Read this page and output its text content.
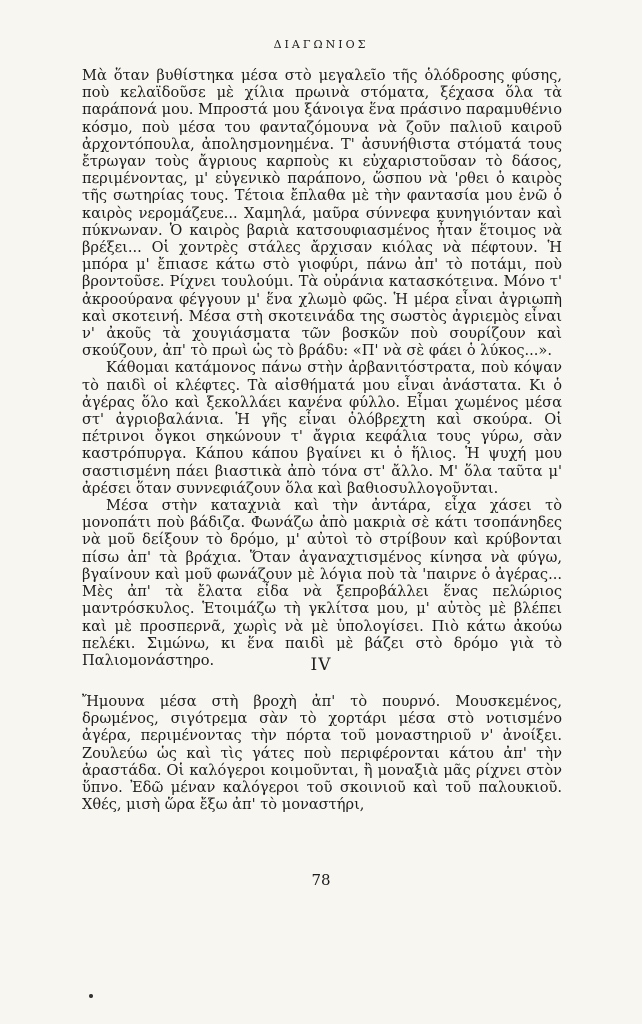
ΔΙΑΓΩΝΙΟΣ

Μὰ ὅταν βυθίστηκα μέσα στὸ μεγαλεῖο τῆς ὁλόδροσης φύσης, ποὺ κελαϊδοῦσε μὲ χίλια πρωινὰ στόματα, ξέχασα ὅλα τὰ παράπονά μου. Μπροστά μου ξάνοιγα ἕνα πράσινο παραμυθένιο κόσμο, ποὺ μέσα του φανταζόμουνα νὰ ζοῦν παλιοῦ καιροῦ ἀρχοντόπουλα, ἀπολησμονημένα. Τ' ἀσυνήθιστα στόματά τους ἔτρωγαν τοὺς ἄγριους καρποὺς κι εὐχαριστοῦσαν τὸ δάσος, περιμένοντας, μ' εὐγενικὸ παράπονο, ὥσπου νὰ 'ρθει ὁ καιρὸς τῆς σωτηρίας τους. Τέτοια ἔπλαθα μὲ τὴν φαντασία μου ἐνῶ ὁ καιρὸς νερομάζευε... Χαμηλά, μαῦρα σύννεφα κυνηγιόνταν καὶ πύκνωναν. Ὁ καιρὸς βαριὰ κατσουφιασμένος ἦταν ἕτοιμος νὰ βρέξει... Οἱ χοντρὲς στάλες ἄρχισαν κιόλας νὰ πέφτουν. Ἡ μπόρα μ' ἔπιασε κάτω στὸ γιοφύρι, πάνω ἀπ' τὸ ποτάμι, ποὺ βροντοῦσε. Ρίχνει τουλούμι. Τὰ οὐράνια κατασκότεινα. Μόνο τ' ἀκροούρανα φέγγουν μ' ἕνα χλωμὸ φῶς. Ἡ μέρα εἶναι ἀγριωπὴ καὶ σκοτεινή. Μέσα στὴ σκοτεινάδα της σωστὸς ἀγριεμὸς εἶναι ν' ἀκοῦς τὰ χουγιάσματα τῶν βοσκῶν ποὺ σουρίζουν καὶ σκούζουν, ἀπ' τὸ πρωὶ ὡς τὸ βράδυ: «Π' νὰ σὲ φάει ὁ λύκος...».

Κάθομαι κατάμονος πάνω στὴν ἀρβανιτόστρατα, ποὺ κόψαν τὸ παιδὶ οἱ κλέφτες. Τὰ αἰσθήματά μου εἶναι ἀνάστατα. Κι ὁ ἀγέρας ὅλο καὶ ξεκολλάει κανένα φύλλο. Εἶμαι χωμένος μέσα στ' ἀγριοβαλάνια. Ἡ γῆς εἶναι ὁλόβρεχτη καὶ σκούρα. Οἱ πέτρινοι ὄγκοι σηκώνουν τ' ἄγρια κεφάλια τους γύρω, σὰν καστρόπυργα. Κάπου κάπου βγαίνει κι ὁ ἥλιος. Ἡ ψυχή μου σαστισμένη πάει βιαστικὰ ἀπὸ τόνα στ' ἄλλο. Μ' ὅλα ταῦτα μ' ἀρέσει ὅταν συννεφιάζουν ὅλα καὶ βαθιοσυλλογοῦνται.

Μέσα στὴν καταχνιὰ καὶ τὴν ἀντάρα, εἶχα χάσει τὸ μονοπάτι ποὺ βάδιζα. Φωνάζω ἀπὸ μακριὰ σὲ κάτι τσοπάνηδες νὰ μοῦ δείξουν τὸ δρόμο, μ' αὐτοὶ τὸ στρίβουν καὶ κρύβονται πίσω ἀπ' τὰ βράχια. Ὅταν ἀγαναχτισμένος κίνησα νὰ φύγω, βγαίνουν καὶ μοῦ φωνάζουν μὲ λόγια ποὺ τὰ 'παιρνε ὁ ἀγέρας... Μὲς ἀπ' τὰ ἔλατα εἶδα νὰ ξεπροβάλλει ἕνας πελώριος μαντρόσκυλος. Ἑτοιμάζω τὴ γκλίτσα μου, μ' αὐτὸς μὲ βλέπει καὶ μὲ προσπερνᾶ, χωρὶς νὰ μὲ ὑπολογίσει. Πιὸ κάτω ἀκούω πελέκι. Σιμώνω, κι ἕνα παιδὶ μὲ βάζει στὸ δρόμο γιὰ τὸ Παλιομονάστηρο.	IV

Ἤμουνα μέσα στὴ βροχὴ ἀπ' τὸ πουρνό. Μουσκεμένος, δρωμένος, σιγότρεμα σὰν τὸ χορτάρι μέσα στὸ νοτισμένο ἀγέρα, περιμένοντας τὴν πόρτα τοῦ μοναστηριοῦ ν' ἀνοίξει. Ζουλεύω ὡς καὶ τὶς γάτες ποὺ περιφέρονται κάτου ἀπ' τὴν ἀραστάδα. Οἱ καλόγεροι κοιμοῦνται, ἢ μοναξιὰ μᾶς ρίχνει στὸν ὕπνο. Ἐδῶ μέναν καλόγεροι τοῦ σκοινιοῦ καὶ τοῦ παλουκιοῦ. Χθές, μισὴ ὥρα ἔξω ἀπ' τὸ μοναστήρι,

78
